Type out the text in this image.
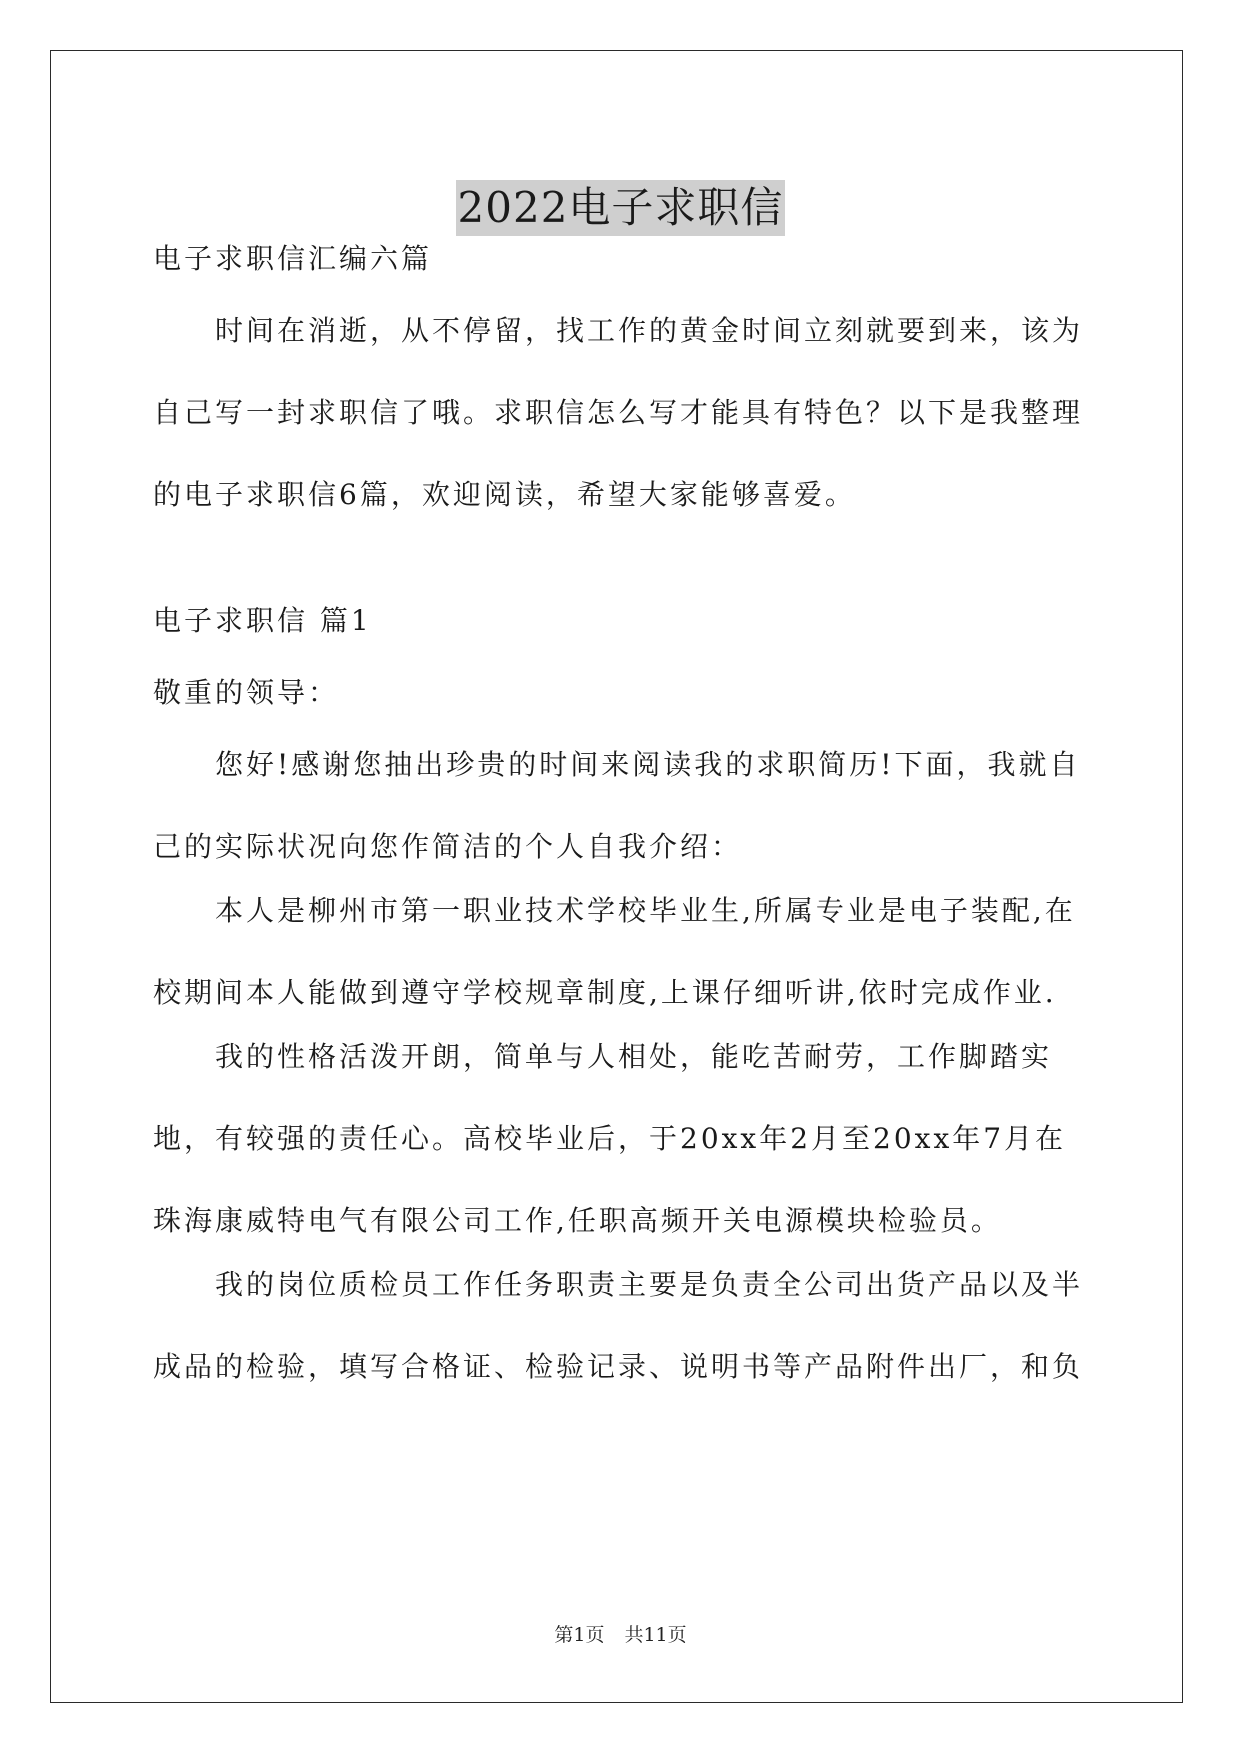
2022电子求职信

电子求职信汇编六篇

时间在消逝，从不停留，找工作的黄金时间立刻就要到来，该为自己写一封求职信了哦。求职信怎么写才能具有特色？以下是我整理的电子求职信6篇，欢迎阅读，希望大家能够喜爱。

电子求职信 篇1

敬重的领导：

您好!感谢您抽出珍贵的时间来阅读我的求职简历!下面，我就自己的实际状况向您作简洁的个人自我介绍：

本人是柳州市第一职业技术学校毕业生,所属专业是电子装配,在校期间本人能做到遵守学校规章制度,上课仔细听讲,依时完成作业.

我的性格活泼开朗，简单与人相处，能吃苦耐劳，工作脚踏实地，有较强的责任心。高校毕业后，于20xx年2月至20xx年7月在珠海康威特电气有限公司工作,任职高频开关电源模块检验员。

我的岗位质检员工作任务职责主要是负责全公司出货产品以及半成品的检验，填写合格证、检验记录、说明书等产品附件出厂，和负

第1页 共11页
